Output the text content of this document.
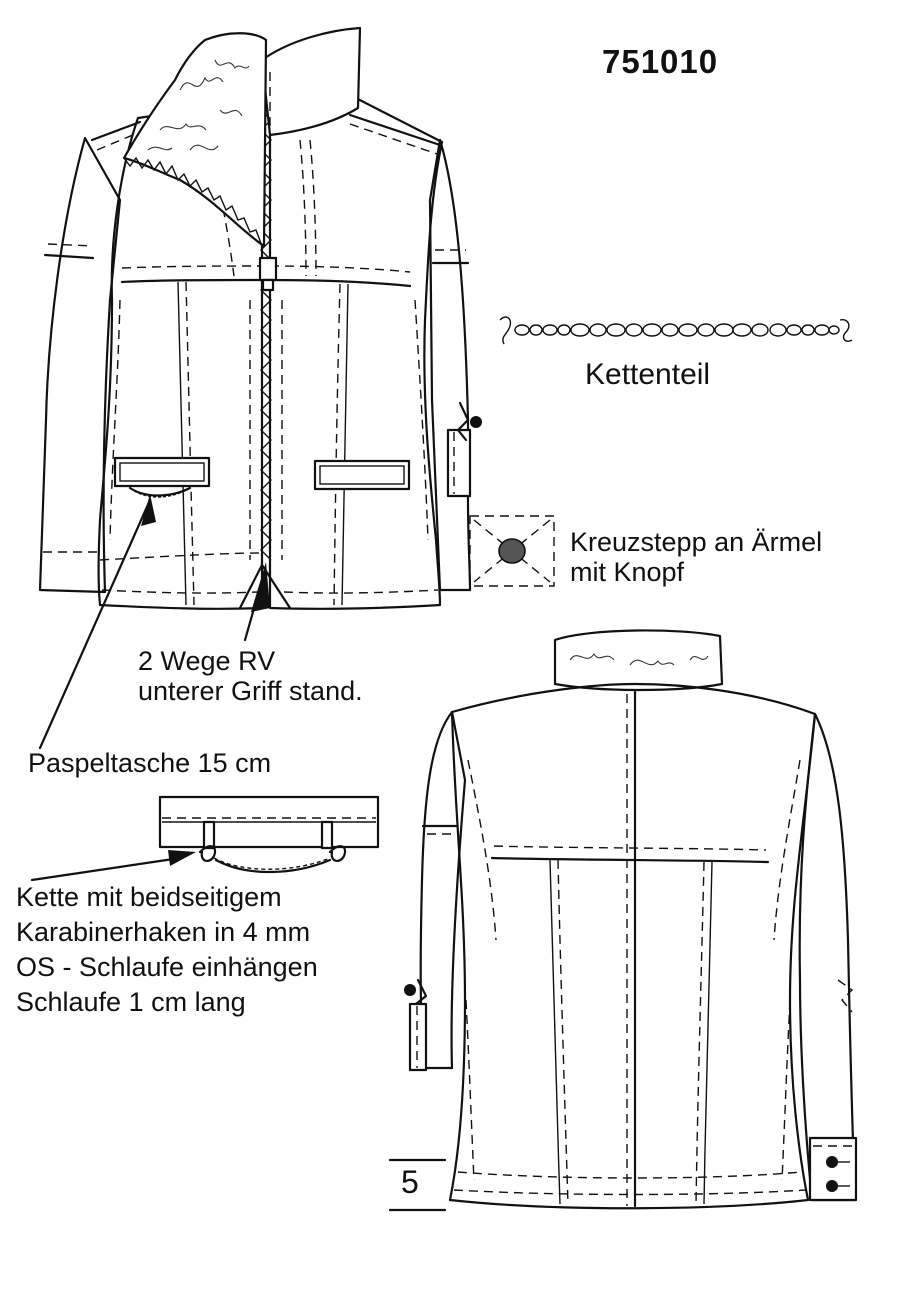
751010
Kettenteil
Kreuzstepp an Ärmel
mit Knopf
2 Wege RV
unterer Griff stand.
Paspeltasche 15 cm
Kette mit beidseitigem
Karabinerhaken in 4 mm
OS - Schlaufe einhängen
Schlaufe 1 cm lang
5
